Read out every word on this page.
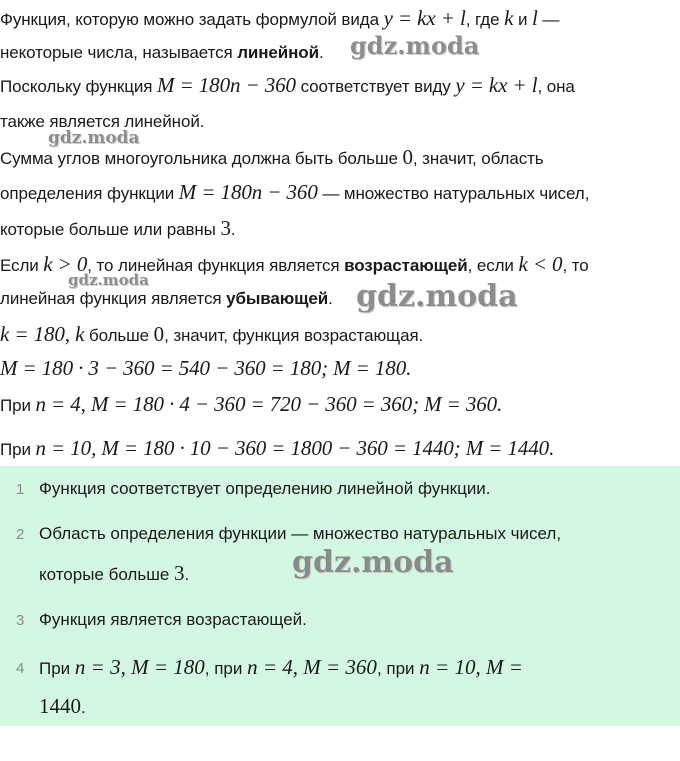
Функция, которую можно задать формулой вида y = kx + l, где k и l —
некоторые числа, называется линейной. gdz.moda
Поскольку функция M = 180n − 360 соответствует виду y = kx + l, она
также является линейной.
gdz.moda
Сумма углов многоугольника должна быть больше 0, значит, область
определения функции M = 180n − 360 — множество натуральных чисел,
которые больше или равны 3.
Если k > 0, то линейная функция является возрастающей, если k < 0, то
gdz.moda
линейная функция является убывающей. gdz.moda
k = 180, k больше 0, значит, функция возрастающая.
M = 180 · 3 − 360 = 540 − 360 = 180; M = 180.
При n = 4, M = 180 · 4 − 360 = 720 − 360 = 360; M = 360.
При n = 10, M = 180 · 10 − 360 = 1800 − 360 = 1440; M = 1440.
1 Функция соответствует определению линейной функции.
2 Область определения функции — множество натуральных чисел,
которые больше 3.
3 Функция является возрастающей.
4 При n = 3, M = 180, при n = 4, M = 360, при n = 10, M =
1440.
gdz.moda
